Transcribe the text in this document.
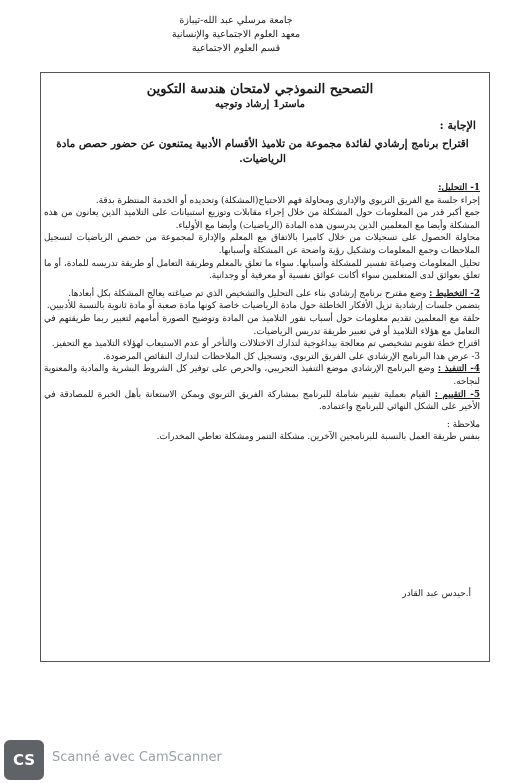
جامعة مرسلي عبد الله-تيبازة
معهد العلوم الاجتماعية والإنسانية
قسم العلوم الاجتماعية
التصحيح النموذجي لامتحان هندسة التكوين
ماستر1 إرشاد وتوجيه
الإجابة :
اقتراح برنامج إرشادي لفائدة مجموعة من تلاميذ الأقسام الأدبية يمتنعون عن حضور حصص مادة الرياضيات.

1- التحليل:

إجراء جلسة مع الفريق التربوي والإداري ومحاولة فهم الاحتياج(المشكلة) وتحديده أو الخدمة المنتظرة بدقة.

جمع أكبر قدر من المعلومات حول المشكلة من خلال إجراء مقابلات وتوزيع استبيانات على التلاميذ الذين يعانون من هذه المشكلة وأيضا مع المعلمين الذين يدرسون هذه المادة (الرياضيات) وأيضا مع الأولياء.

محاولة الحصول على تسجيلات من خلال كاميرا بالاتفاق مع المعلم والإدارة لمجموعة من حصص الرياضيات لتسجيل الملاحظات وجمع المعلومات وتشكيل رؤية واضحة عن المشكلة وأسبابها.

تحليل المعلومات وصياغة تفسير للمشكلة وأسبابها. سواء ما تعلق بالمعلم وطريقة التعامل أو طريقة تدريسه للمادة، أو ما تعلق بعوائق لدى المتعلمين سواء أكانت عوائق نفسية أو معرفية أو وجدانية.

2- التخطيط : وضع مقترح برنامج إرشادي بناء على التحليل والتشخيص الذي تم صياغته يعالج المشكلة بكل أبعادها.

يتضمن جلسات إرشادية تزيل الأفكار الخاطئة حول مادة الرياضيات خاصة كونها مادة صعبة أو مادة ثانوية بالنسبة للأدبيين.

حلقة مع المعلمين تقديم معلومات حول أسباب نفور التلاميذ من المادة وتوضيح الصورة أمامهم لتعبير ربما طريقتهم في التعامل مع هؤلاء التلاميذ أو في تعبير طريقة تدريس الرياضيات.

اقتراح خطة تقويم تشخيصي تم معالجة بيداغوجية لتدارك الاختلالات والتأخر أو عدم الاستيعاب لهؤلاء التلاميذ مع التحفيز.

3- عرض هذا البرنامج الإرشادي على الفريق التربوي، وتسجيل كل الملاحظات لتدارك النقائص المرصودة.

4- التنفيذ : وضع البرنامج الإرشادي موضع التنفيذ التجريبي، والحرص على توفير كل الشروط البشرية والمادية والمعنوية لنجاحه.

5- التقييم : القيام بعملية تقييم شاملة للبرنامج بمشاركة الفريق التربوي ويمكن الاستعانة بأهل الخبرة للمصادقة في الأخير على الشكل النهائي للبرنامج واعتماده.

ملاحظة :

بنفس طريقة العمل بالنسبة للبرنامجين الآخرين. مشكلة التنمر ومشكلة تعاطي المخدرات.

أ.حيدس عبد القادر
CS	Scanné avec CamScanner
